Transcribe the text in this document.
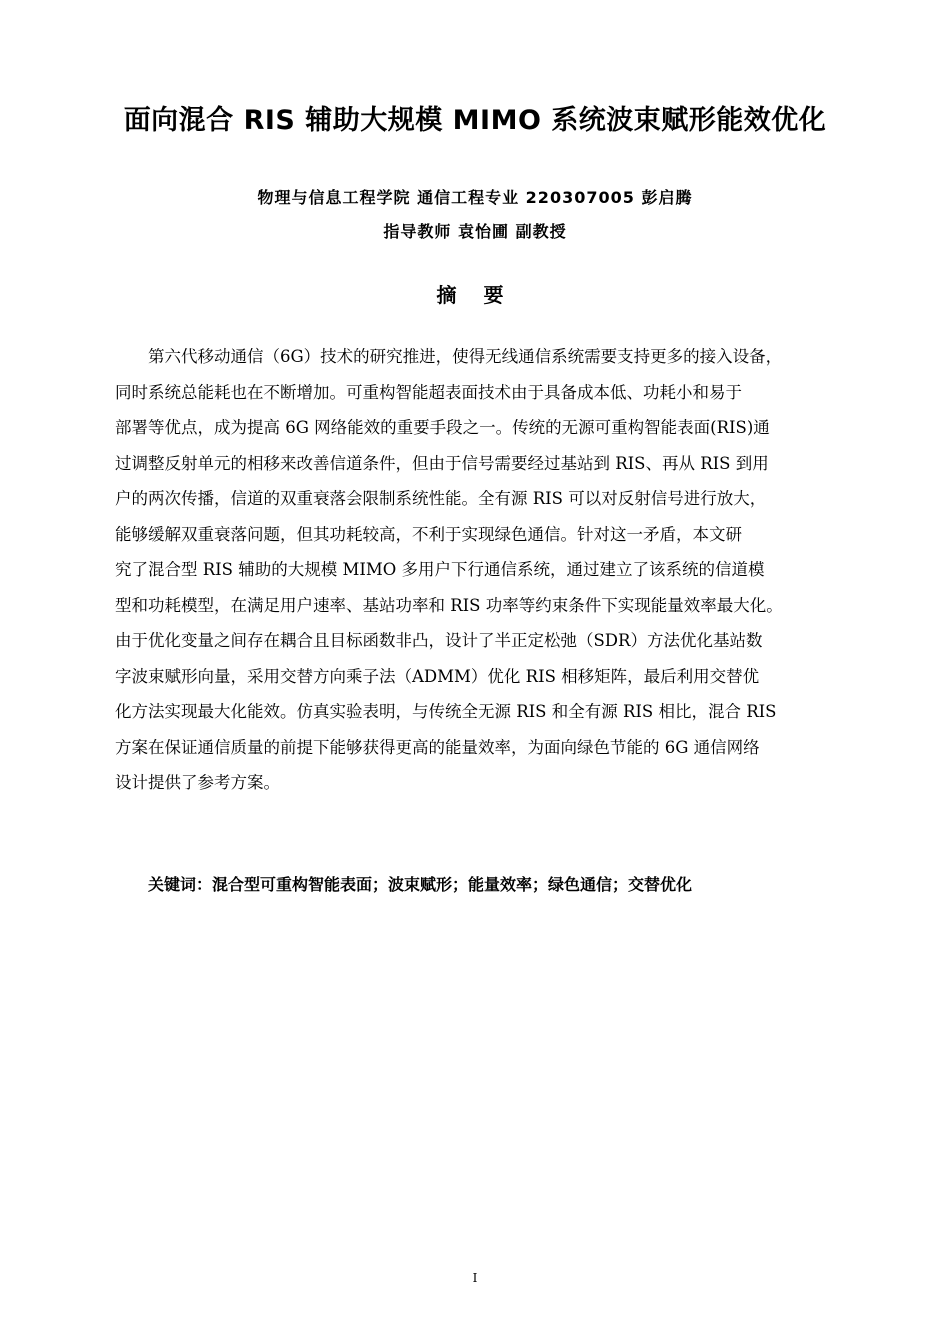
面向混合 RIS 辅助大规模 MIMO 系统波束赋形能效优化
物理与信息工程学院 通信工程专业 220307005 彭启腾
指导教师 袁怡圃 副教授
摘 要
第六代移动通信（6G）技术的研究推进，使得无线通信系统需要支持更多的接入设备，
同时系统总能耗也在不断增加。可重构智能超表面技术由于具备成本低、功耗小和易于
部署等优点，成为提高 6G 网络能效的重要手段之一。传统的无源可重构智能表面(RIS)通
过调整反射单元的相移来改善信道条件，但由于信号需要经过基站到 RIS、再从 RIS 到用
户的两次传播，信道的双重衰落会限制系统性能。全有源 RIS 可以对反射信号进行放大，
能够缓解双重衰落问题，但其功耗较高，不利于实现绿色通信。针对这一矛盾，本文研
究了混合型 RIS 辅助的大规模 MIMO 多用户下行通信系统，通过建立了该系统的信道模
型和功耗模型，在满足用户速率、基站功率和 RIS 功率等约束条件下实现能量效率最大化。
由于优化变量之间存在耦合且目标函数非凸，设计了半正定松弛（SDR）方法优化基站数
字波束赋形向量，采用交替方向乘子法（ADMM）优化 RIS 相移矩阵，最后利用交替优
化方法实现最大化能效。仿真实验表明，与传统全无源 RIS 和全有源 RIS 相比，混合 RIS
方案在保证通信质量的前提下能够获得更高的能量效率，为面向绿色节能的 6G 通信网络
设计提供了参考方案。
关键词：混合型可重构智能表面；波束赋形；能量效率；绿色通信；交替优化
I
